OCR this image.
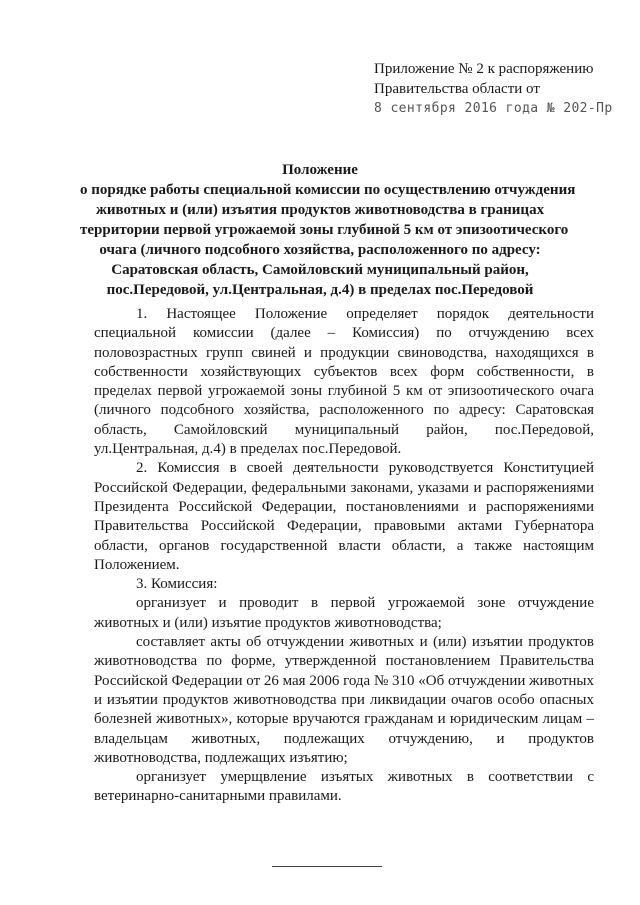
Приложение № 2 к распоряжению
Правительства области от
8 сентября 2016 года № 202-Пр
Положение
о порядке работы специальной комиссии по осуществлению отчуждения
животных и (или) изъятия продуктов животноводства в границах
территории первой угрожаемой зоны глубиной 5 км от эпизоотического
очага (личного подсобного хозяйства, расположенного по адресу:
Саратовская область, Самойловский муниципальный район,
пос.Передовой, ул.Центральная, д.4) в пределах пос.Передовой

1. Настоящее Положение определяет порядок деятельности специальной комиссии (далее – Комиссия) по отчуждению всех половозрастных групп свиней и продукции свиноводства, находящихся в собственности хозяйствующих субъектов всех форм собственности, в пределах первой угрожаемой зоны глубиной 5 км от эпизоотического очага (личного подсобного хозяйства, расположенного по адресу: Саратовская область, Самойловский муниципальный район, пос.Передовой, ул.Центральная, д.4) в пределах пос.Передовой.

2. Комиссия в своей деятельности руководствуется Конституцией Российской Федерации, федеральными законами, указами и распоряжениями Президента Российской Федерации, постановлениями и распоряжениями Правительства Российской Федерации, правовыми актами Губернатора области, органов государственной власти области, а также настоящим Положением.

3. Комиссия:

организует и проводит в первой угрожаемой зоне отчуждение животных и (или) изъятие продуктов животноводства;

составляет акты об отчуждении животных и (или) изъятии продуктов животноводства по форме, утвержденной постановлением Правительства Российской Федерации от 26 мая 2006 года № 310 «Об отчуждении животных и изъятии продуктов животноводства при ликвидации очагов особо опасных болезней животных», которые вручаются гражданам и юридическим лицам – владельцам животных, подлежащих отчуждению, и продуктов животноводства, подлежащих изъятию;

организует умерщвление изъятых животных в соответствии с ветеринарно-санитарными правилами.
